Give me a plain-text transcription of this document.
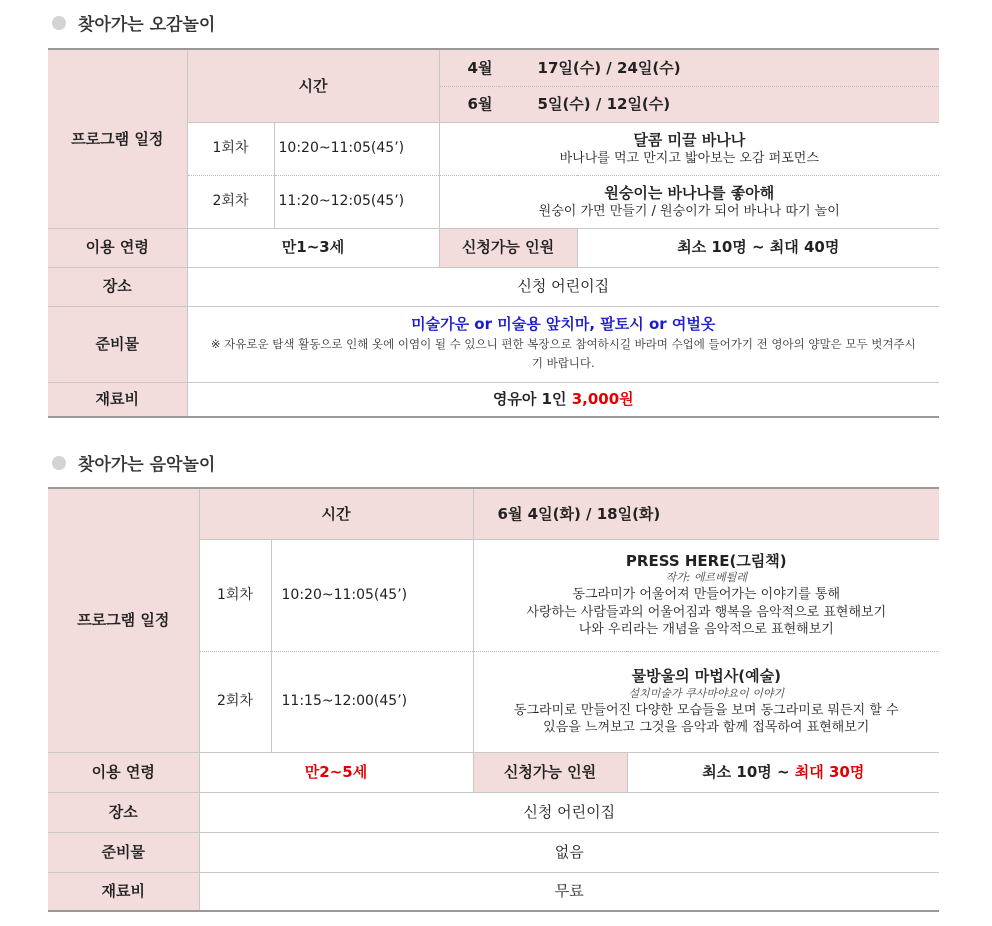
찾아가는 오감놀이
프로그램 일정	시간		4월 17일(수) / 24일(수)	
			6월 5일(수) / 12일(수)	
	1회차	10:20~11:05(45’)	달콤 미끌 바나나
바나나를 먹고 만지고 밟아보는 오감 퍼포먼스	

	2회차	11:20~12:05(45’)	원숭이는 바나나를 좋아해
원숭이 가면 만들기 / 원숭이가 되어 바나나 따기 놀이	

이용 연령	만1~3세		신청가능 인원	최소 10명 ~ 최대 40명
장소	신청 어린이집			
준비물	미술가운 or 미술용 앞치마, 팔토시 or 여벌옷
※ 자유로운 탐색 활동으로 인해 옷에 이염이 될 수 있으니 편한 복장으로 참여하시길 바라며 수업에 들어가기 전 영아의 양말은 모두 벗겨주시기 바랍니다.			

재료비	영유아 1인 3,000원			
찾아가는 음악놀이
프로그램 일정	시간		6월 4일(화) / 18일(화)	
	1회차	10:20~11:05(45’)	PRESS HERE(그림책)
작가: 에르베튈레
동그라미가 어울어져 만들어가는 이야기를 통해
사랑하는 사람들과의 어울어짐과 행복을 음악적으로 표현해보기
나와 우리라는 개념을 음악적으로 표현해보기	

	2회차	11:15~12:00(45’)	물방울의 마법사(예술)
설치미술가 쿠사마야요이 이야기
동그라미로 만들어진 다양한 모습들을 보며 동그라미로 뭐든지 할 수
있음을 느껴보고 그것을 음악과 함께 접목하여 표현해보기	

이용 연령	만2~5세		신청가능 인원	최소 10명 ~ 최대 30명
장소	신청 어린이집			
준비물	없음			
재료비	무료			
